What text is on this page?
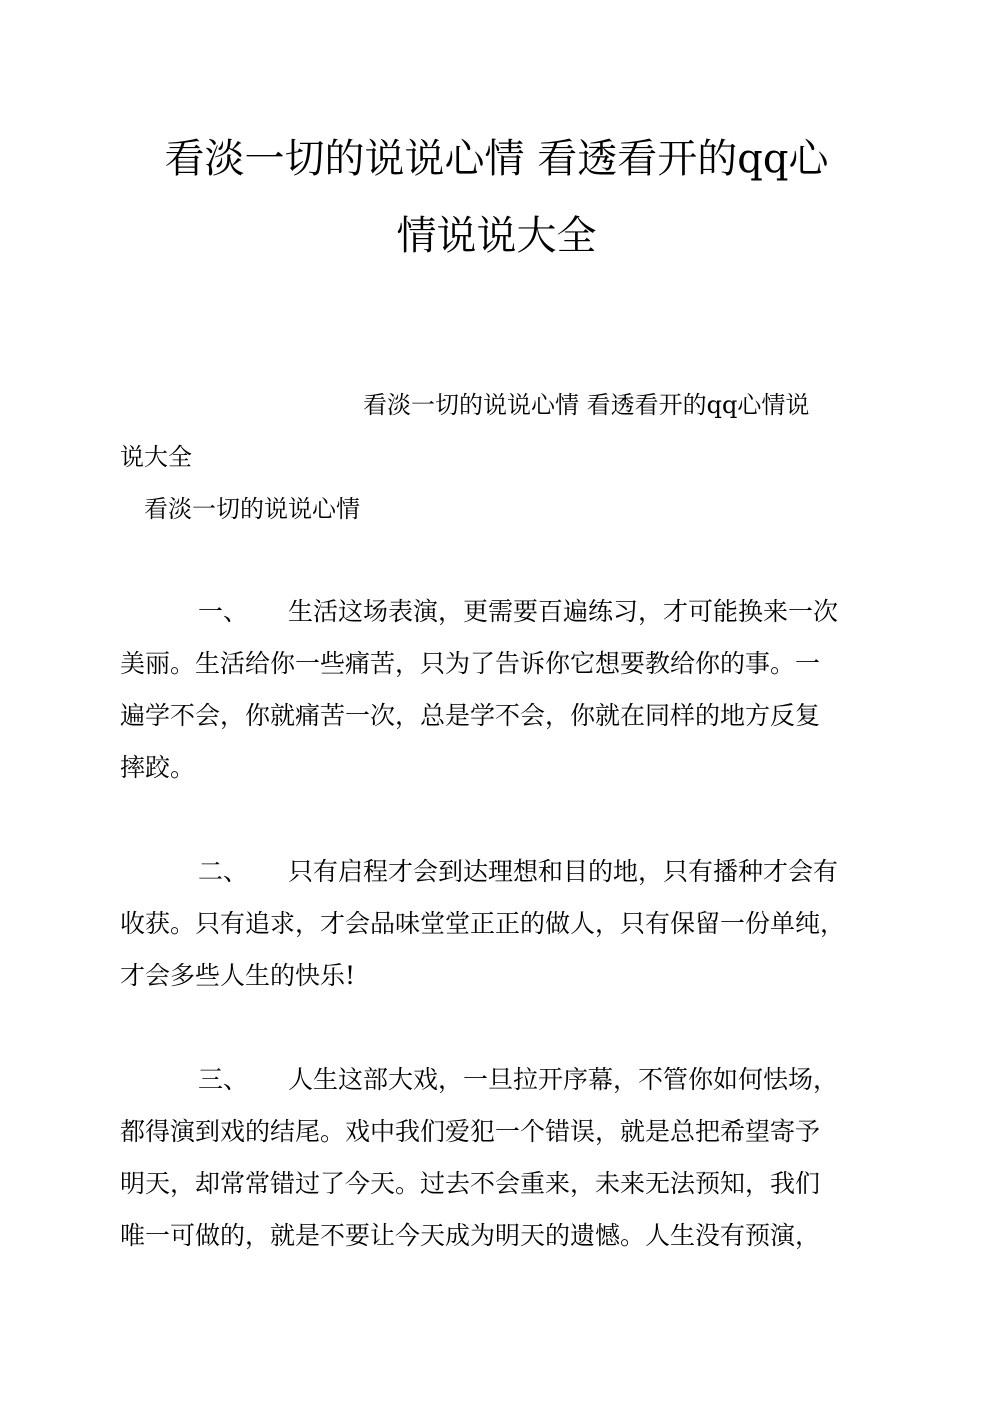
看淡一切的说说心情 看透看开的qq心
情说说大全
看淡一切的说说心情 看透看开的qq心情说
说大全
看淡一切的说说心情
一、 生活这场表演，更需要百遍练习，才可能换来一次
美丽。生活给你一些痛苦，只为了告诉你它想要教给你的事。一
遍学不会，你就痛苦一次，总是学不会，你就在同样的地方反复
摔跤。
二、 只有启程才会到达理想和目的地，只有播种才会有
收获。只有追求，才会品味堂堂正正的做人，只有保留一份单纯，
才会多些人生的快乐!
三、 人生这部大戏，一旦拉开序幕，不管你如何怯场，
都得演到戏的结尾。戏中我们爱犯一个错误，就是总把希望寄予
明天，却常常错过了今天。过去不会重来，未来无法预知，我们
唯一可做的，就是不要让今天成为明天的遗憾。人生没有预演，
